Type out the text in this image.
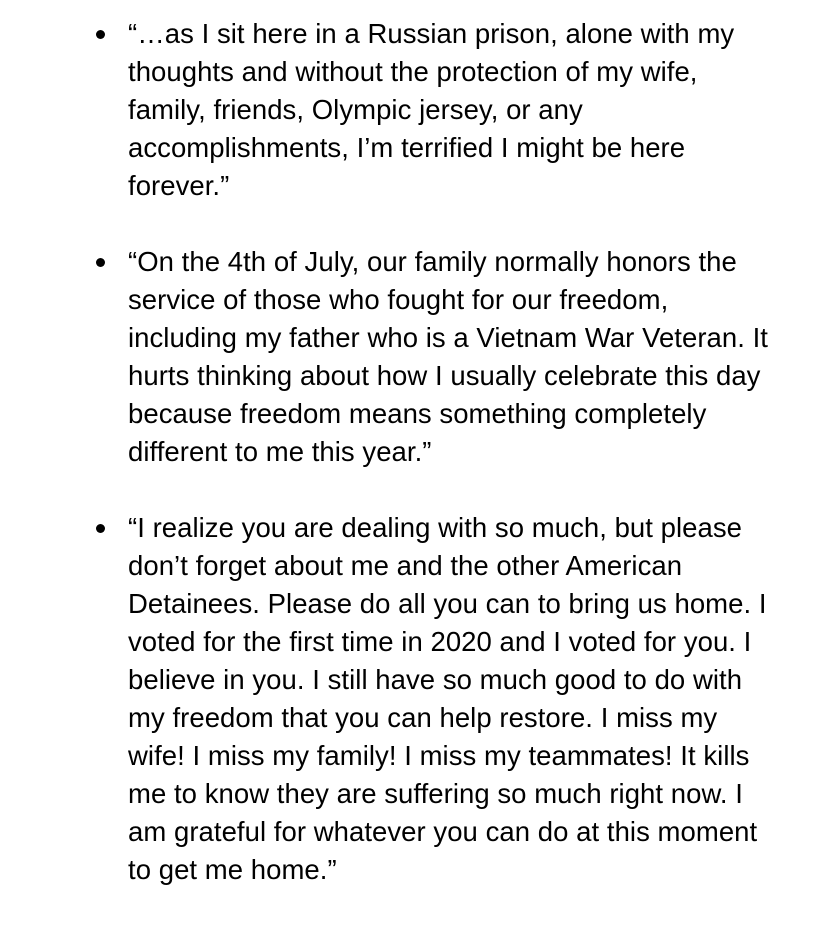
“…as I sit here in a Russian prison, alone with my thoughts and without the protection of my wife, family, friends, Olympic jersey, or any accomplishments, I’m terrified I might be here forever.”
“On the 4th of July, our family normally honors the service of those who fought for our freedom, including my father who is a Vietnam War Veteran. It hurts thinking about how I usually celebrate this day because freedom means something completely different to me this year.”
“I realize you are dealing with so much, but please don’t forget about me and the other American Detainees. Please do all you can to bring us home. I voted for the first time in 2020 and I voted for you. I believe in you. I still have so much good to do with my freedom that you can help restore. I miss my wife! I miss my family! I miss my teammates! It kills me to know they are suffering so much right now. I am grateful for whatever you can do at this moment to get me home.”
